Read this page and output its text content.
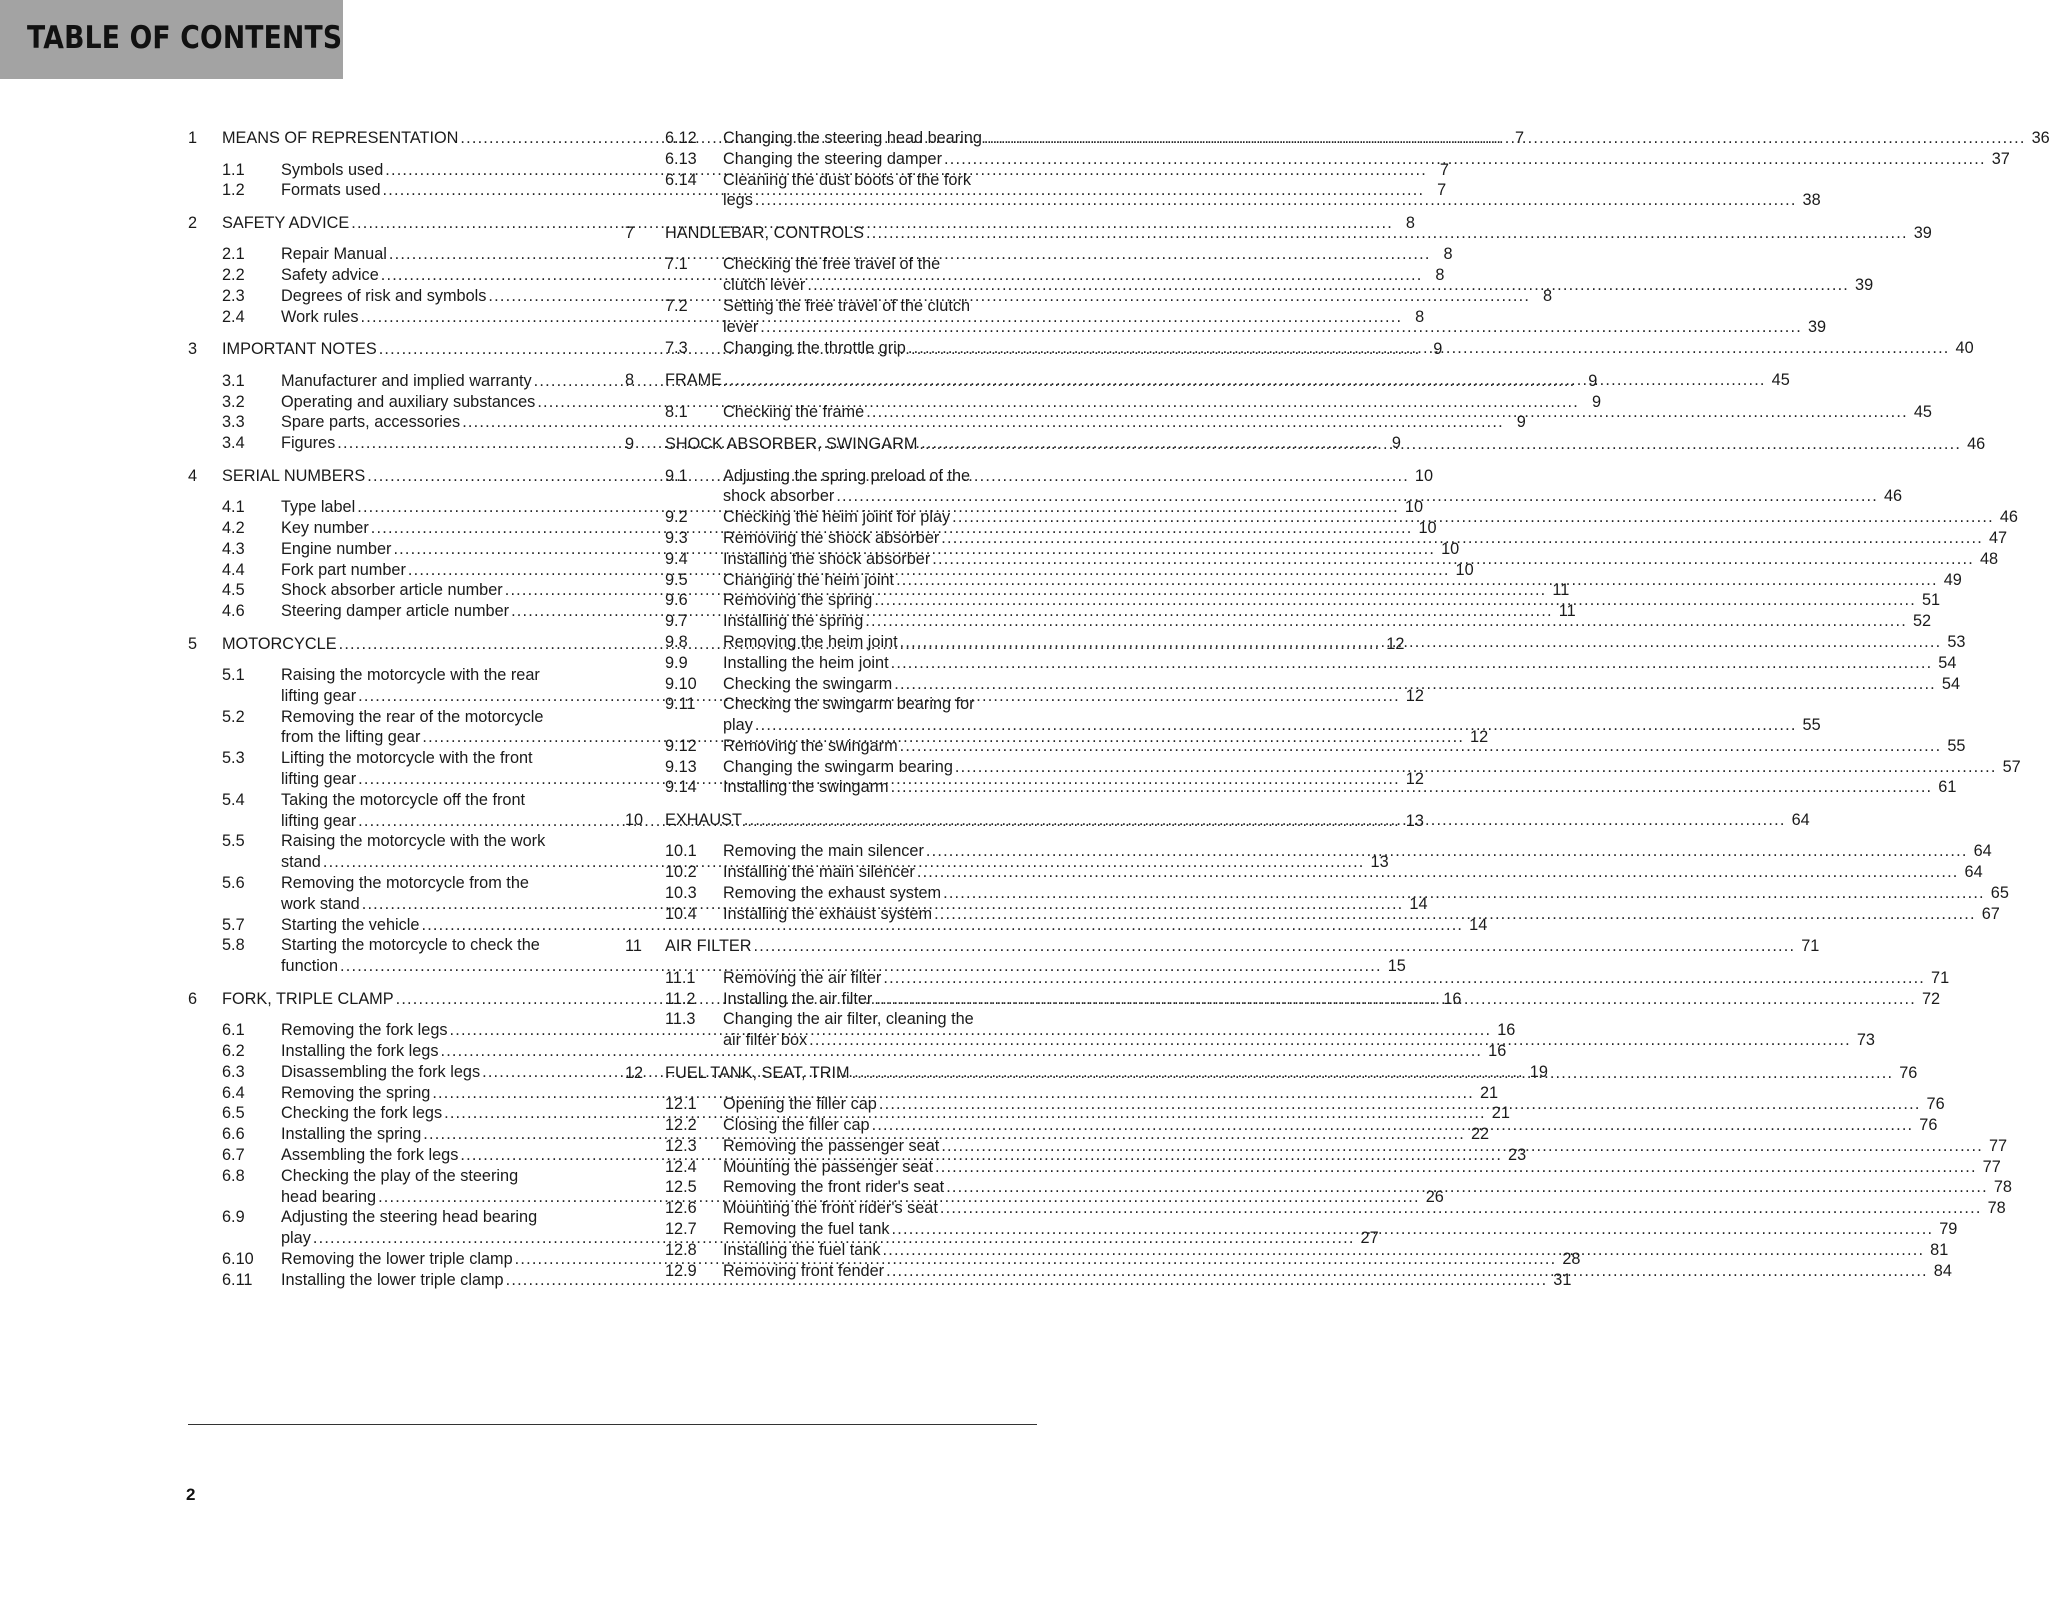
TABLE OF CONTENTS
1	MEANS OF REPRESENTATION .....	7
1.1	Symbols used .....	7
1.2	Formats used .....	7
2	SAFETY ADVICE .....	8
2.1	Repair Manual .....	8
2.2	Safety advice .....	8
2.3	Degrees of risk and symbols .....	8
2.4	Work rules .....	8
3	IMPORTANT NOTES .....	9
3.1	Manufacturer and implied warranty .....	9
3.2	Operating and auxiliary substances .....	9
3.3	Spare parts, accessories .....	9
3.4	Figures .....	9
4	SERIAL NUMBERS .....	10
4.1	Type label .....	10
4.2	Key number .....	10
4.3	Engine number .....	10
4.4	Fork part number .....	10
4.5	Shock absorber article number .....	11
4.6	Steering damper article number .....	11
5	MOTORCYCLE .....	12
5.1	Raising the motorcycle with the rear
lifting gear .....	12
5.2	Removing the rear of the motorcycle
from the lifting gear .....	12
5.3	Lifting the motorcycle with the front
lifting gear .....	12
5.4	Taking the motorcycle off the front
lifting gear .....	13
5.5	Raising the motorcycle with the work
stand .....	13
5.6	Removing the motorcycle from the
work stand .....	14
5.7	Starting the vehicle .....	14
5.8	Starting the motorcycle to check the
function .....	15
6	FORK, TRIPLE CLAMP .....	16
6.1	Removing the fork legs .....	16
6.2	Installing the fork legs .....	16
6.3	Disassembling the fork legs .....	19
6.4	Removing the spring .....	21
6.5	Checking the fork legs .....	21
6.6	Installing the spring .....	22
6.7	Assembling the fork legs .....	23
6.8	Checking the play of the steering
head bearing .....	26
6.9	Adjusting the steering head bearing
play .....	27
6.10	Removing the lower triple clamp .....	28
6.11	Installing the lower triple clamp .....	31
6.12	Changing the steering head bearing .....	36
6.13	Changing the steering damper .....	37
6.14	Cleaning the dust boots of the fork
legs .....	38
7	HANDLEBAR, CONTROLS .....	39
7.1	Checking the free travel of the
clutch lever .....	39
7.2	Setting the free travel of the clutch
lever .....	39
7.3	Changing the throttle grip .....	40
8	FRAME .....	45
8.1	Checking the frame .....	45
9	SHOCK ABSORBER, SWINGARM .....	46
9.1	Adjusting the spring preload of the
shock absorber .....	46
9.2	Checking the heim joint for play .....	46
9.3	Removing the shock absorber .....	47
9.4	Installing the shock absorber .....	48
9.5	Changing the heim joint .....	49
9.6	Removing the spring .....	51
9.7	Installing the spring .....	52
9.8	Removing the heim joint .....	53
9.9	Installing the heim joint .....	54
9.10	Checking the swingarm .....	54
9.11	Checking the swingarm bearing for
play .....	55
9.12	Removing the swingarm .....	55
9.13	Changing the swingarm bearing .....	57
9.14	Installing the swingarm .....	61
10	EXHAUST .....	64
10.1	Removing the main silencer .....	64
10.2	Installing the main silencer .....	64
10.3	Removing the exhaust system .....	65
10.4	Installing the exhaust system .....	67
11	AIR FILTER .....	71
11.1	Removing the air filter .....	71
11.2	Installing the air filter .....	72
11.3	Changing the air filter, cleaning the
air filter box .....	73
12	FUEL TANK, SEAT, TRIM .....	76
12.1	Opening the filler cap .....	76
12.2	Closing the filler cap .....	76
12.3	Removing the passenger seat .....	77
12.4	Mounting the passenger seat .....	77
12.5	Removing the front rider's seat .....	78
12.6	Mounting the front rider's seat .....	78
12.7	Removing the fuel tank .....	79
12.8	Installing the fuel tank .....	81
12.9	Removing front fender .....	84
2
